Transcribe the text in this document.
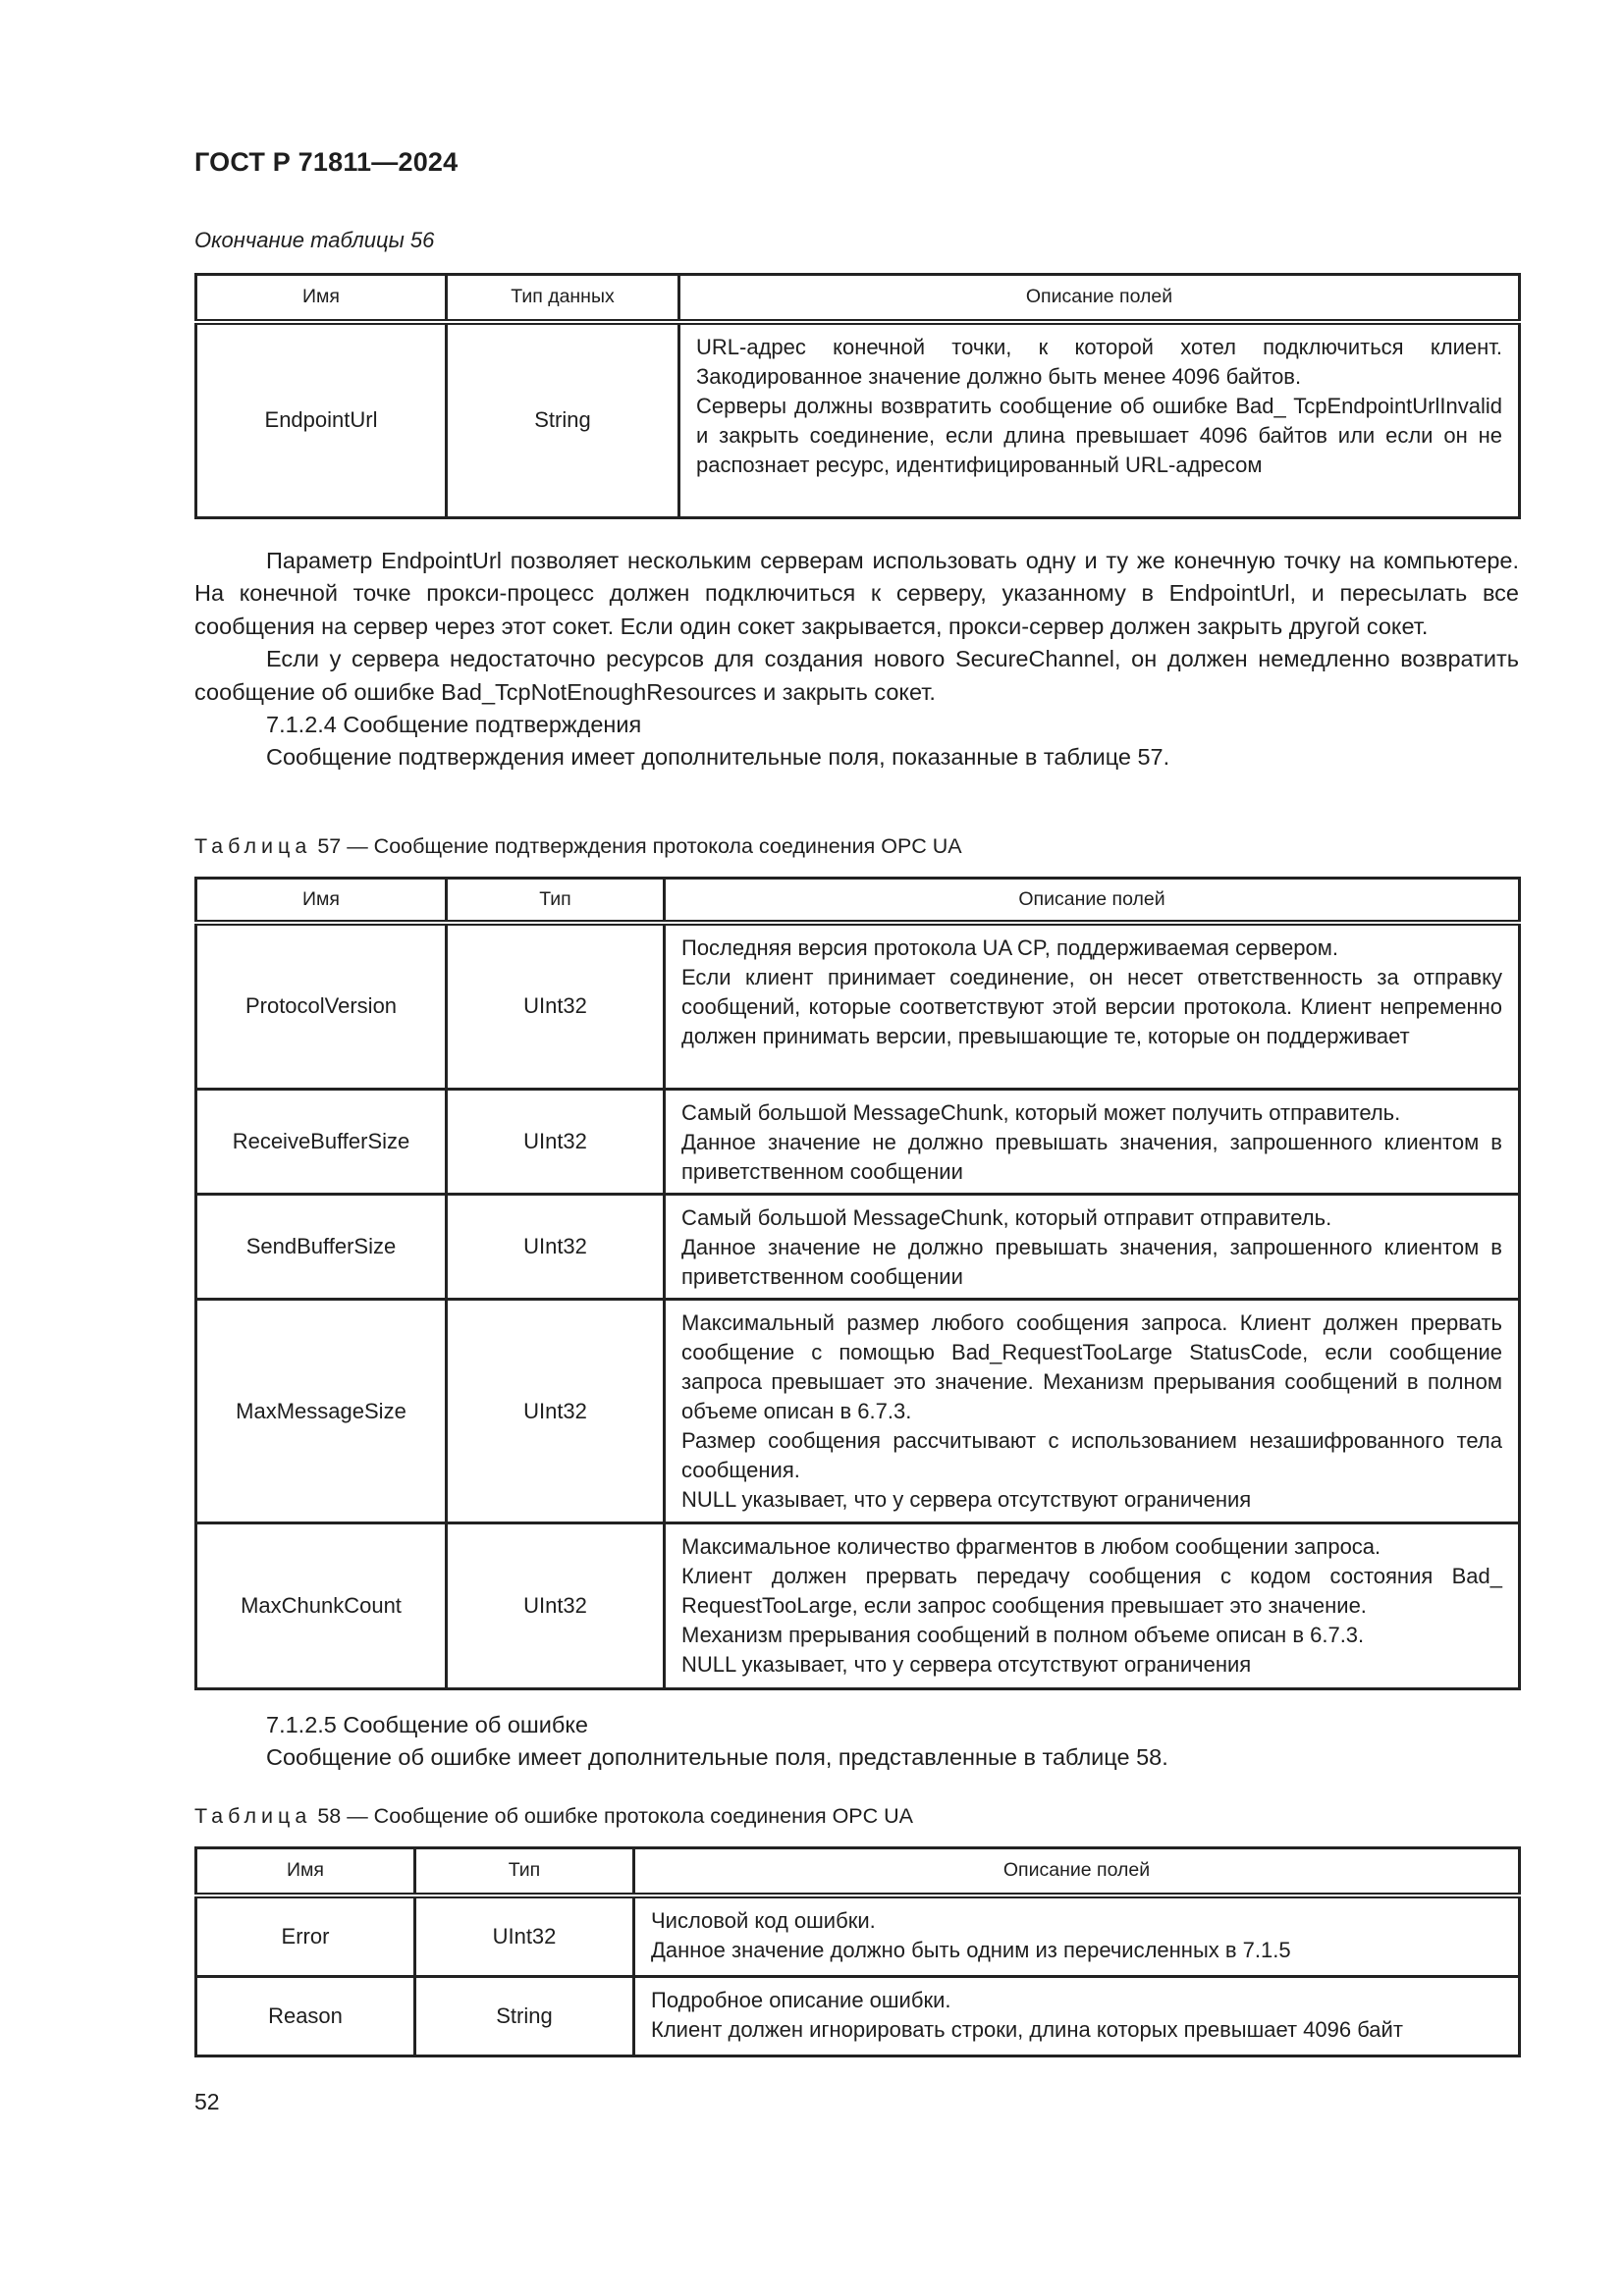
ГОСТ Р 71811—2024
Окончание таблицы 56
Имя	Тип данных	Описание полей
EndpointUrl	String	URL-адрес конечной точки, к которой хотел подключиться клиент. Закодированное значение должно быть менее 4096 байтов.
Серверы должны возвратить сообщение об ошибке Bad_ TcpEndpointUrlInvalid и закрыть соединение, если длина превышает 4096 байтов или если он не распознает ресурс, идентифицированный URL-адресом

Параметр EndpointUrl позволяет нескольким серверам использовать одну и ту же конечную точку на компьютере. На конечной точке прокси-процесс должен подключиться к серверу, указанному в EndpointUrl, и пересылать все сообщения на сервер через этот сокет. Если один сокет закрывается, прокси-сервер должен закрыть другой сокет.

Если у сервера недостаточно ресурсов для создания нового SecureChannel, он должен немедленно возвратить сообщение об ошибке Bad_TcpNotEnoughResources и закрыть сокет.

7.1.2.4 Сообщение подтверждения

Сообщение подтверждения имеет дополнительные поля, показанные в таблице 57.

Таблица 57 — Сообщение подтверждения протокола соединения OPC UA
Имя	Тип	Описание полей
ProtocolVersion	UInt32	Последняя версия протокола UA CP, поддерживаемая сервером.
Если клиент принимает соединение, он несет ответственность за отправку сообщений, которые соответствуют этой версии протокола. Клиент непременно должен принимать версии, превышающие те, которые он поддерживает

ReceiveBufferSize	UInt32	Самый большой MessageChunk, который может получить отправитель.
Данное значение не должно превышать значения, запрошенного клиентом в приветственном сообщении

SendBufferSize	UInt32	Самый большой MessageChunk, который отправит отправитель.
Данное значение не должно превышать значения, запрошенного клиентом в приветственном сообщении

MaxMessageSize	UInt32	Максимальный размер любого сообщения запроса. Клиент должен прервать сообщение с помощью Bad_RequestTooLarge StatusCode, если сообщение запроса превышает это значение. Механизм прерывания сообщений в полном объеме описан в 6.7.3.
Размер сообщения рассчитывают с использованием незашифрованного тела сообщения.
NULL указывает, что у сервера отсутствуют ограничения

MaxChunkCount	UInt32	Максимальное количество фрагментов в любом сообщении запроса.
Клиент должен прервать передачу сообщения с кодом состояния Bad_ RequestTooLarge, если запрос сообщения превышает это значение.
Механизм прерывания сообщений в полном объеме описан в 6.7.3.
NULL указывает, что у сервера отсутствуют ограничения

7.1.2.5 Сообщение об ошибке

Сообщение об ошибке имеет дополнительные поля, представленные в таблице 58.

Таблица 58 — Сообщение об ошибке протокола соединения OPC UA
Имя	Тип	Описание полей
Error	UInt32	Числовой код ошибки.
Данное значение должно быть одним из перечисленных в 7.1.5

Reason	String	Подробное описание ошибки.
Клиент должен игнорировать строки, длина которых превышает 4096 байт
52
